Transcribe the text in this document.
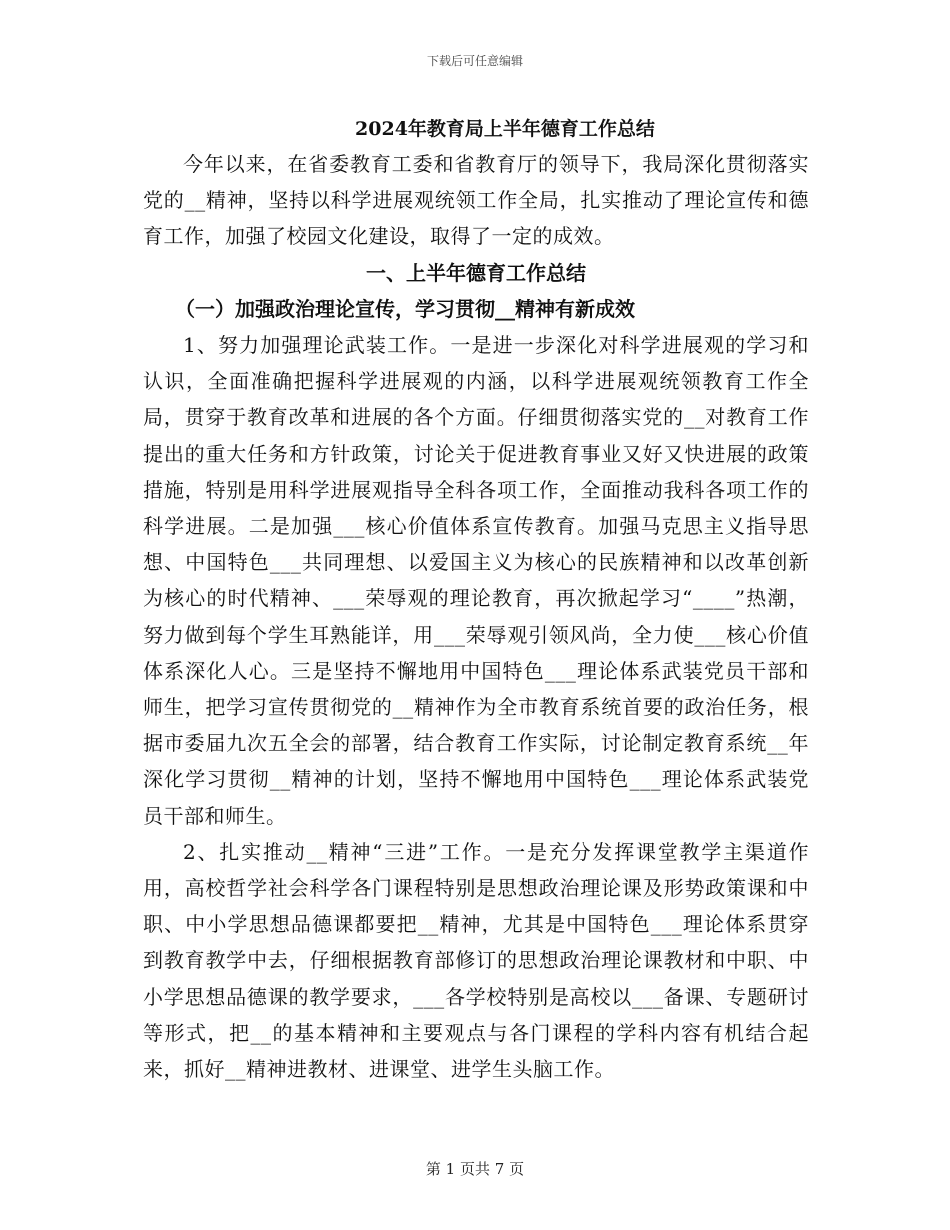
下载后可任意编辑
2024年教育局上半年德育工作总结

今年以来，在省委教育工委和省教育厅的领导下，我局深化贯彻落实党的__精神，坚持以科学进展观统领工作全局，扎实推动了理论宣传和德育工作，加强了校园文化建设，取得了一定的成效。

一、上半年德育工作总结
（一）加强政治理论宣传，学习贯彻__精神有新成效

1、努力加强理论武装工作。一是进一步深化对科学进展观的学习和认识，全面准确把握科学进展观的内涵，以科学进展观统领教育工作全局，贯穿于教育改革和进展的各个方面。仔细贯彻落实党的__对教育工作提出的重大任务和方针政策，讨论关于促进教育事业又好又快进展的政策措施，特别是用科学进展观指导全科各项工作，全面推动我科各项工作的科学进展。二是加强___核心价值体系宣传教育。加强马克思主义指导思想、中国特色___共同理想、以爱国主义为核心的民族精神和以改革创新为核心的时代精神、___荣辱观的理论教育，再次掀起学习“____”热潮，努力做到每个学生耳熟能详，用___荣辱观引领风尚，全力使___核心价值体系深化人心。三是坚持不懈地用中国特色___理论体系武装党员干部和师生，把学习宣传贯彻党的__精神作为全市教育系统首要的政治任务，根据市委届九次五全会的部署，结合教育工作实际，讨论制定教育系统__年深化学习贯彻__精神的计划，坚持不懈地用中国特色___理论体系武装党员干部和师生。

2、扎实推动__精神“三进”工作。一是充分发挥课堂教学主渠道作用，高校哲学社会科学各门课程特别是思想政治理论课及形势政策课和中职、中小学思想品德课都要把__精神，尤其是中国特色___理论体系贯穿到教育教学中去，仔细根据教育部修订的思想政治理论课教材和中职、中小学思想品德课的教学要求，___各学校特别是高校以___备课、专题研讨等形式，把__的基本精神和主要观点与各门课程的学科内容有机结合起来，抓好__精神进教材、进课堂、进学生头脑工作。

第 1 页共 7 页
